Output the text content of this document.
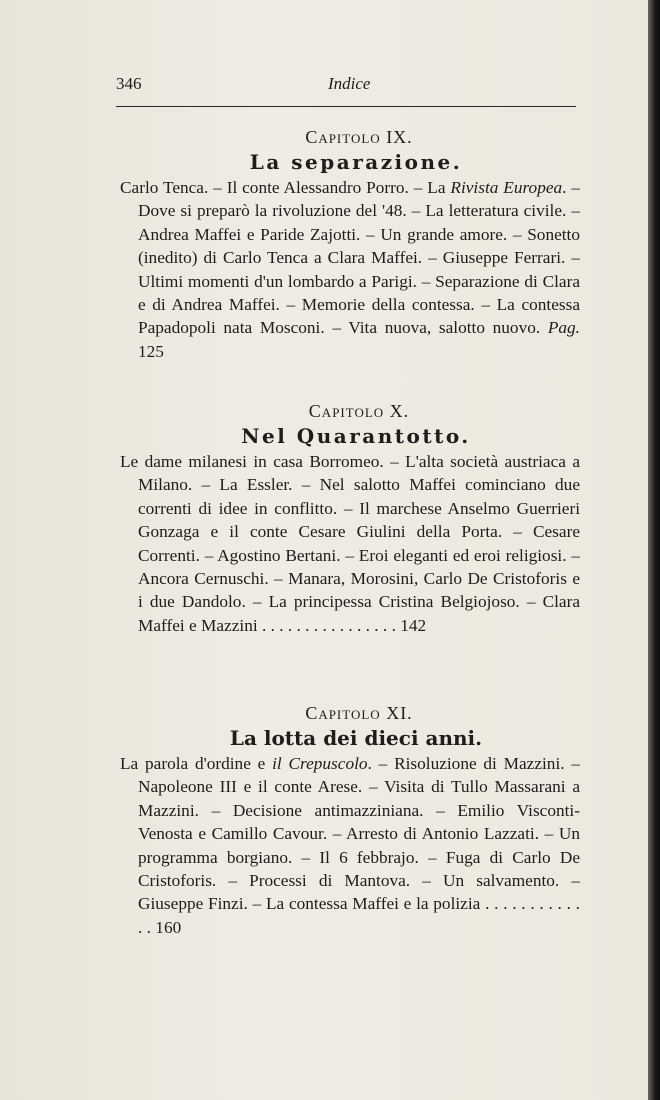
346	Indice
Capitolo IX.
La separazione.

Carlo Tenca. – Il conte Alessandro Porro. – La Rivista Europea. – Dove si preparò la rivoluzione del '48. – La letteratura civile. – Andrea Maffei e Paride Zajotti. – Un grande amore. – Sonetto (inedito) di Carlo Tenca a Clara Maffei. – Giuseppe Ferrari. – Ultimi momenti d'un lombardo a Parigi. – Separazione di Clara e di Andrea Maffei. – Memorie della contessa. – La contessa Papadopoli nata Mosconi. – Vita nuova, salotto nuovo. Pag. 125

Capitolo X.
Nel Quarantotto.

Le dame milanesi in casa Borromeo. – L'alta società austriaca a Milano. – La Essler. – Nel salotto Maffei cominciano due correnti di idee in conflitto. – Il marchese Anselmo Guerrieri Gonzaga e il conte Cesare Giulini della Porta. – Cesare Correnti. – Agostino Bertani. – Eroi eleganti ed eroi religiosi. – Ancora Cernuschi. – Manara, Morosini, Carlo De Cristoforis e i due Dandolo. – La principessa Cristina Belgiojoso. – Clara Maffei e Mazzini . . . . . . . . . . . . . . . . 142

Capitolo XI.
La lotta dei dieci anni.

La parola d'ordine e il Crepuscolo. – Risoluzione di Mazzini. – Napoleone III e il conte Arese. – Visita di Tullo Massarani a Mazzini. – Decisione antimazziniana. – Emilio Visconti-Venosta e Camillo Cavour. – Arresto di Antonio Lazzati. – Un programma borgiano. – Il 6 febbrajo. – Fuga di Carlo De Cristoforis. – Processi di Mantova. – Un salvamento. – Giuseppe Finzi. – La contessa Maffei e la polizia . . . . . . . . . . . . . 160
